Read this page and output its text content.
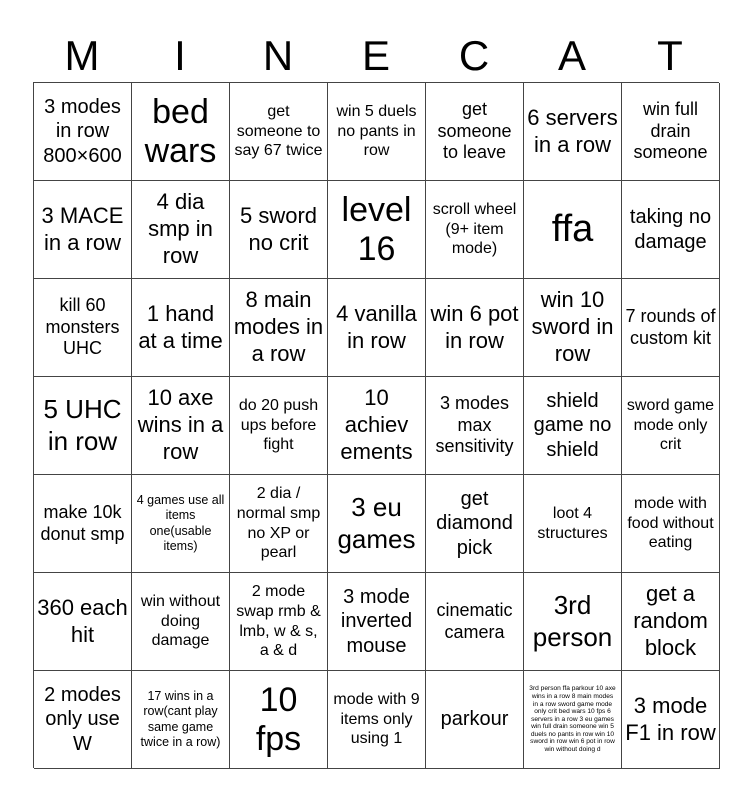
M	I	N	E	C	A	T
3 modes in row 800×600
bed wars
get someone to say 67 twice
win 5 duels no pants in row
get someone to leave
6 servers in a row
win full drain someone
3 MACE in a row
4 dia smp in row
5 sword no crit
level 16
scroll wheel (9+ item mode)	ffa	taking no damage
kill 60 monsters UHC
1 hand at a time
8 main modes in a row
4 vanilla in row
win 6 pot in row
win 10 sword in row
7 rounds of custom kit
5 UHC in row
10 axe wins in a row
do 20 push ups before fight
10 achiev ements
3 modes max sensitivity
shield game no shield
sword game mode only crit
make 10k donut smp
4 games use all items one(usable items)
2 dia / normal smp no XP or pearl
3 eu games
get diamond pick
loot 4 structures
mode with food without eating
360 each hit
win without doing damage
2 mode swap rmb & lmb, w & s, a & d
3 mode inverted mouse
cinematic camera
3rd person
get a random block
2 modes only use W
17 wins in a row(cant play same game twice in a row)
10 fps
mode with 9 items only using 1
parkour
3rd person ffa parkour 10 axe wins in a row 8 main modes in a row sword game mode only crit bed wars 10 fps 6 servers in a row 3 eu games win full drain someone win 5 duels no pants in row win 10 sword in row win 6 pot in row win without doing d
3 mode F1 in row
